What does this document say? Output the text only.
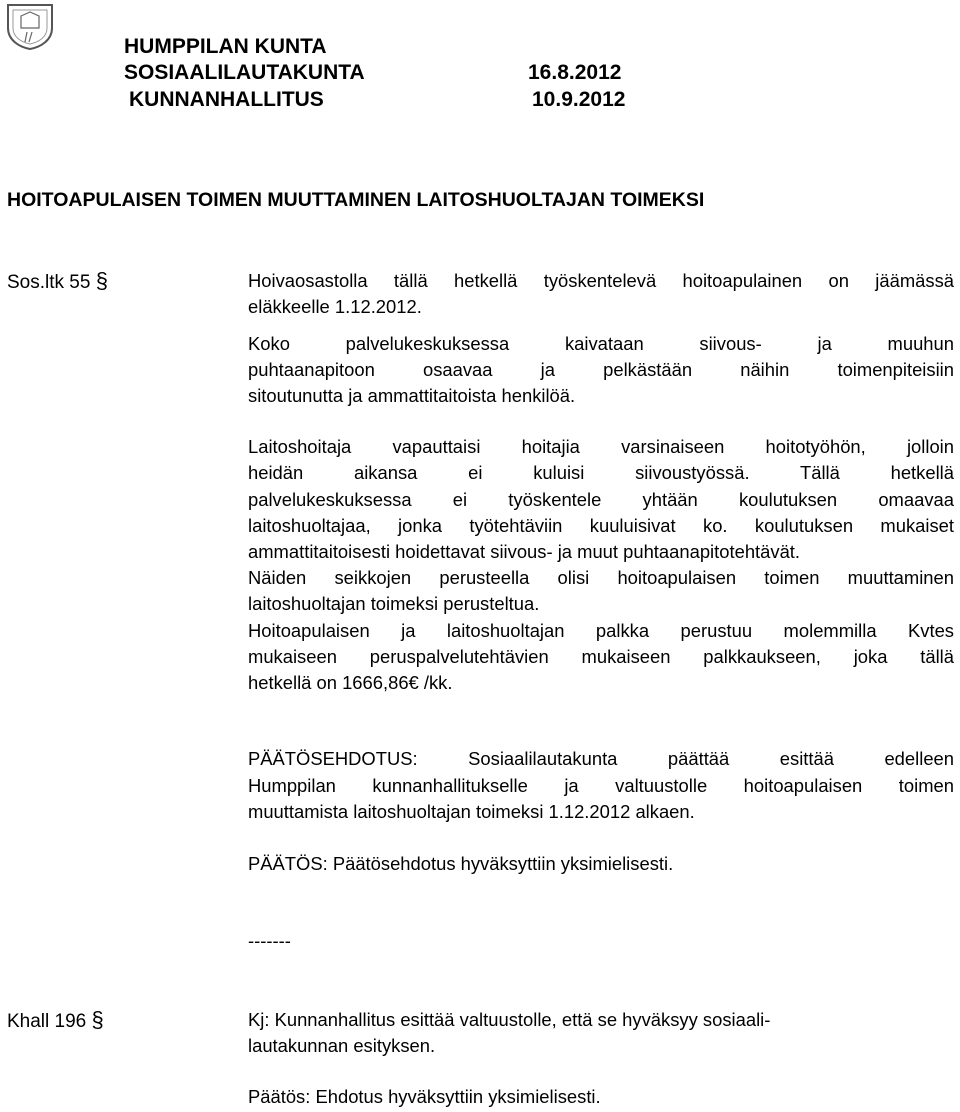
HUMPPILAN KUNTA
SOSIAALILAUTAKUNTA	16.8.2012
KUNNANHALLITUS	10.9.2012
HOITOAPULAISEN TOIMEN MUUTTAMINEN LAITOSHUOLTAJAN TOIMEKSI
Sos.ltk 55 §	Hoivaosastolla tällä hetkellä työskentelevä hoitoapulainen on jäämässä
eläkkeelle 1.12.2012.
Koko palvelukeskuksessa kaivataan siivous- ja muuhun
puhtaanapitoon osaavaa ja pelkästään näihin toimenpiteisiin
sitoutunutta ja ammattitaitoista henkilöä.
Laitoshoitaja vapauttaisi hoitajia varsinaiseen hoitotyöhön, jolloin
heidän aikansa ei kuluisi siivoustyössä. Tällä hetkellä
palvelukeskuksessa ei työskentele yhtään koulutuksen omaavaa
laitoshuoltajaa, jonka työtehtäviin kuuluisivat ko. koulutuksen mukaiset
ammattitaitoisesti hoidettavat siivous- ja muut puhtaanapitotehtävät.
Näiden seikkojen perusteella olisi hoitoapulaisen toimen muuttaminen
laitoshuoltajan toimeksi perusteltua.
Hoitoapulaisen ja laitoshuoltajan palkka perustuu molemmilla Kvtes
mukaiseen peruspalvelutehtävien mukaiseen palkkaukseen, joka tällä
hetkellä on 1666,86€ /kk.
PÄÄTÖSEHDOTUS: Sosiaalilautakunta päättää esittää edelleen
Humppilan kunnanhallitukselle ja valtuustolle hoitoapulaisen toimen
muuttamista laitoshuoltajan toimeksi 1.12.2012 alkaen.
PÄÄTÖS: Päätösehdotus hyväksyttiin yksimielisesti.
-------
Khall 196 §	Kj: Kunnanhallitus esittää valtuustolle, että se hyväksyy sosiaali-
lautakunnan esityksen.
Päätös: Ehdotus hyväksyttiin yksimielisesti.
